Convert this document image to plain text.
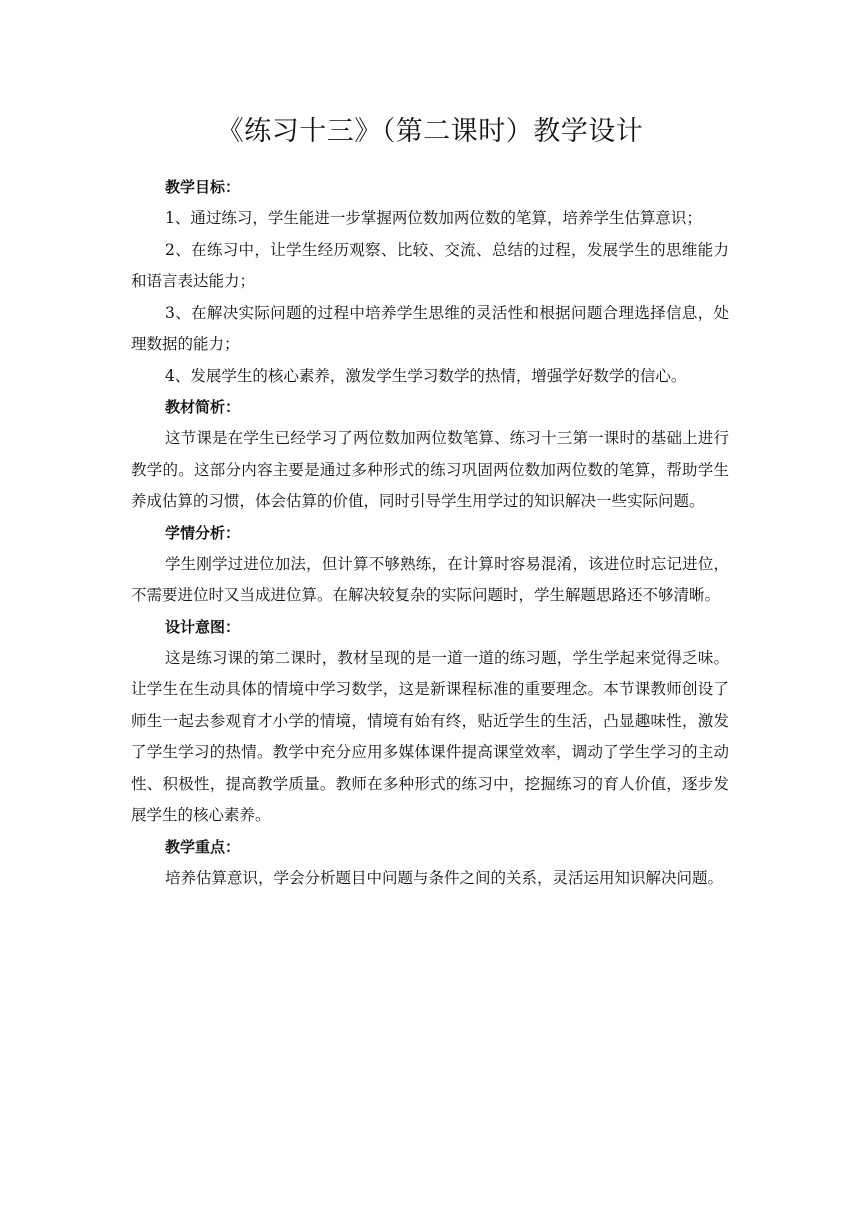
《练习十三》（第二课时）教学设计

教学目标：

1、通过练习，学生能进一步掌握两位数加两位数的笔算，培养学生估算意识；

2、在练习中，让学生经历观察、比较、交流、总结的过程，发展学生的思维能力和语言表达能力；

3、在解决实际问题的过程中培养学生思维的灵活性和根据问题合理选择信息，处理数据的能力；

4、发展学生的核心素养，激发学生学习数学的热情，增强学好数学的信心。

教材简析：

这节课是在学生已经学习了两位数加两位数笔算、练习十三第一课时的基础上进行教学的。这部分内容主要是通过多种形式的练习巩固两位数加两位数的笔算，帮助学生养成估算的习惯，体会估算的价值，同时引导学生用学过的知识解决一些实际问题。

学情分析：

学生刚学过进位加法，但计算不够熟练，在计算时容易混淆，该进位时忘记进位，不需要进位时又当成进位算。在解决较复杂的实际问题时，学生解题思路还不够清晰。

设计意图：

这是练习课的第二课时，教材呈现的是一道一道的练习题，学生学起来觉得乏味。让学生在生动具体的情境中学习数学，这是新课程标准的重要理念。本节课教师创设了师生一起去参观育才小学的情境，情境有始有终，贴近学生的生活，凸显趣味性，激发了学生学习的热情。教学中充分应用多媒体课件提高课堂效率，调动了学生学习的主动性、积极性，提高教学质量。教师在多种形式的练习中，挖掘练习的育人价值，逐步发展学生的核心素养。

教学重点：

培养估算意识，学会分析题目中问题与条件之间的关系，灵活运用知识解决问题。
